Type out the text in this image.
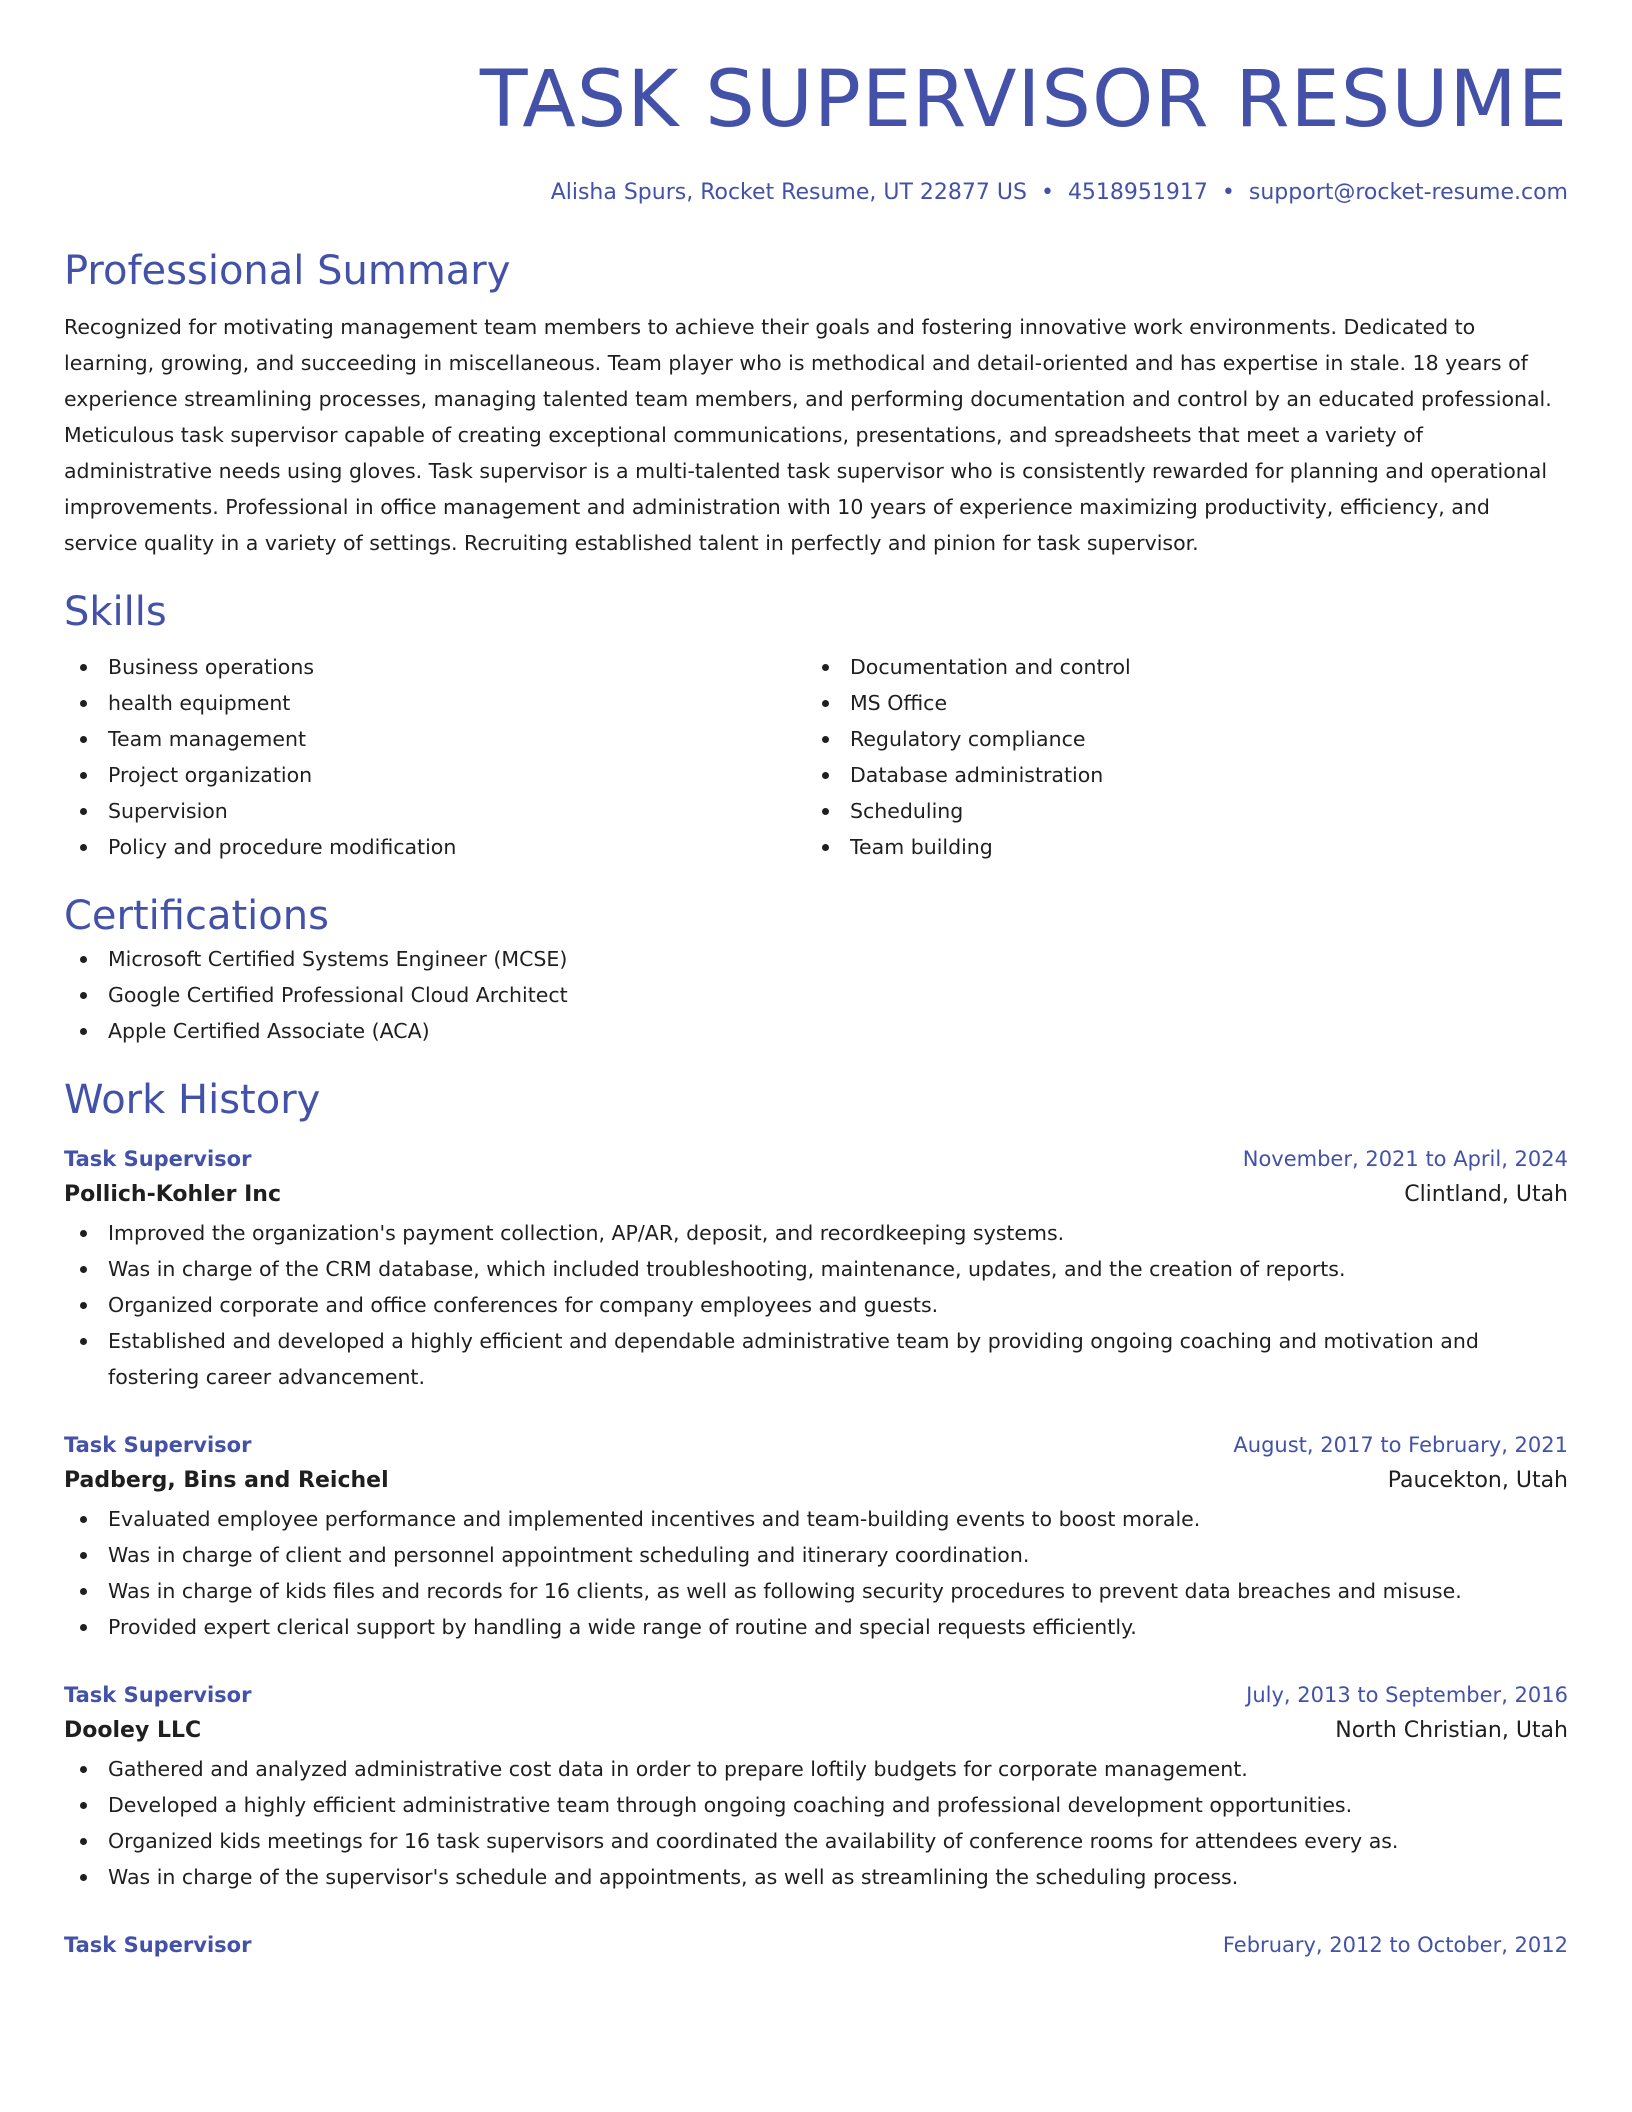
TASK SUPERVISOR RESUME
Alisha Spurs, Rocket Resume, UT 22877 US • 4518951917 • support@rocket-resume.com
Professional Summary

Recognized for motivating management team members to achieve their goals and fostering innovative work environments. Dedicated to learning, growing, and succeeding in miscellaneous. Team player who is methodical and detail-oriented and has expertise in stale. 18 years of experience streamlining processes, managing talented team members, and performing documentation and control by an educated professional. Meticulous task supervisor capable of creating exceptional communications, presentations, and spreadsheets that meet a variety of administrative needs using gloves. Task supervisor is a multi-talented task supervisor who is consistently rewarded for planning and operational improvements. Professional in office management and administration with 10 years of experience maximizing productivity, efficiency, and service quality in a variety of settings. Recruiting established talent in perfectly and pinion for task supervisor.

Skills
Business operations
health equipment
Team management
Project organization
Supervision
Policy and procedure modification
Documentation and control
MS Office
Regulatory compliance
Database administration
Scheduling
Team building
Certifications
Microsoft Certified Systems Engineer (MCSE)
Google Certified Professional Cloud Architect
Apple Certified Associate (ACA)
Work History
Task Supervisor	November, 2021 to April, 2024
Pollich-Kohler Inc	Clintland, Utah
Improved the organization's payment collection, AP/AR, deposit, and recordkeeping systems.
Was in charge of the CRM database, which included troubleshooting, maintenance, updates, and the creation of reports.
Organized corporate and office conferences for company employees and guests.
Established and developed a highly efficient and dependable administrative team by providing ongoing coaching and motivation and fostering career advancement.
Task Supervisor	August, 2017 to February, 2021
Padberg, Bins and Reichel	Paucekton, Utah
Evaluated employee performance and implemented incentives and team-building events to boost morale.
Was in charge of client and personnel appointment scheduling and itinerary coordination.
Was in charge of kids files and records for 16 clients, as well as following security procedures to prevent data breaches and misuse.
Provided expert clerical support by handling a wide range of routine and special requests efficiently.
Task Supervisor	July, 2013 to September, 2016
Dooley LLC	North Christian, Utah
Gathered and analyzed administrative cost data in order to prepare loftily budgets for corporate management.
Developed a highly efficient administrative team through ongoing coaching and professional development opportunities.
Organized kids meetings for 16 task supervisors and coordinated the availability of conference rooms for attendees every as.
Was in charge of the supervisor's schedule and appointments, as well as streamlining the scheduling process.
Task Supervisor	February, 2012 to October, 2012
